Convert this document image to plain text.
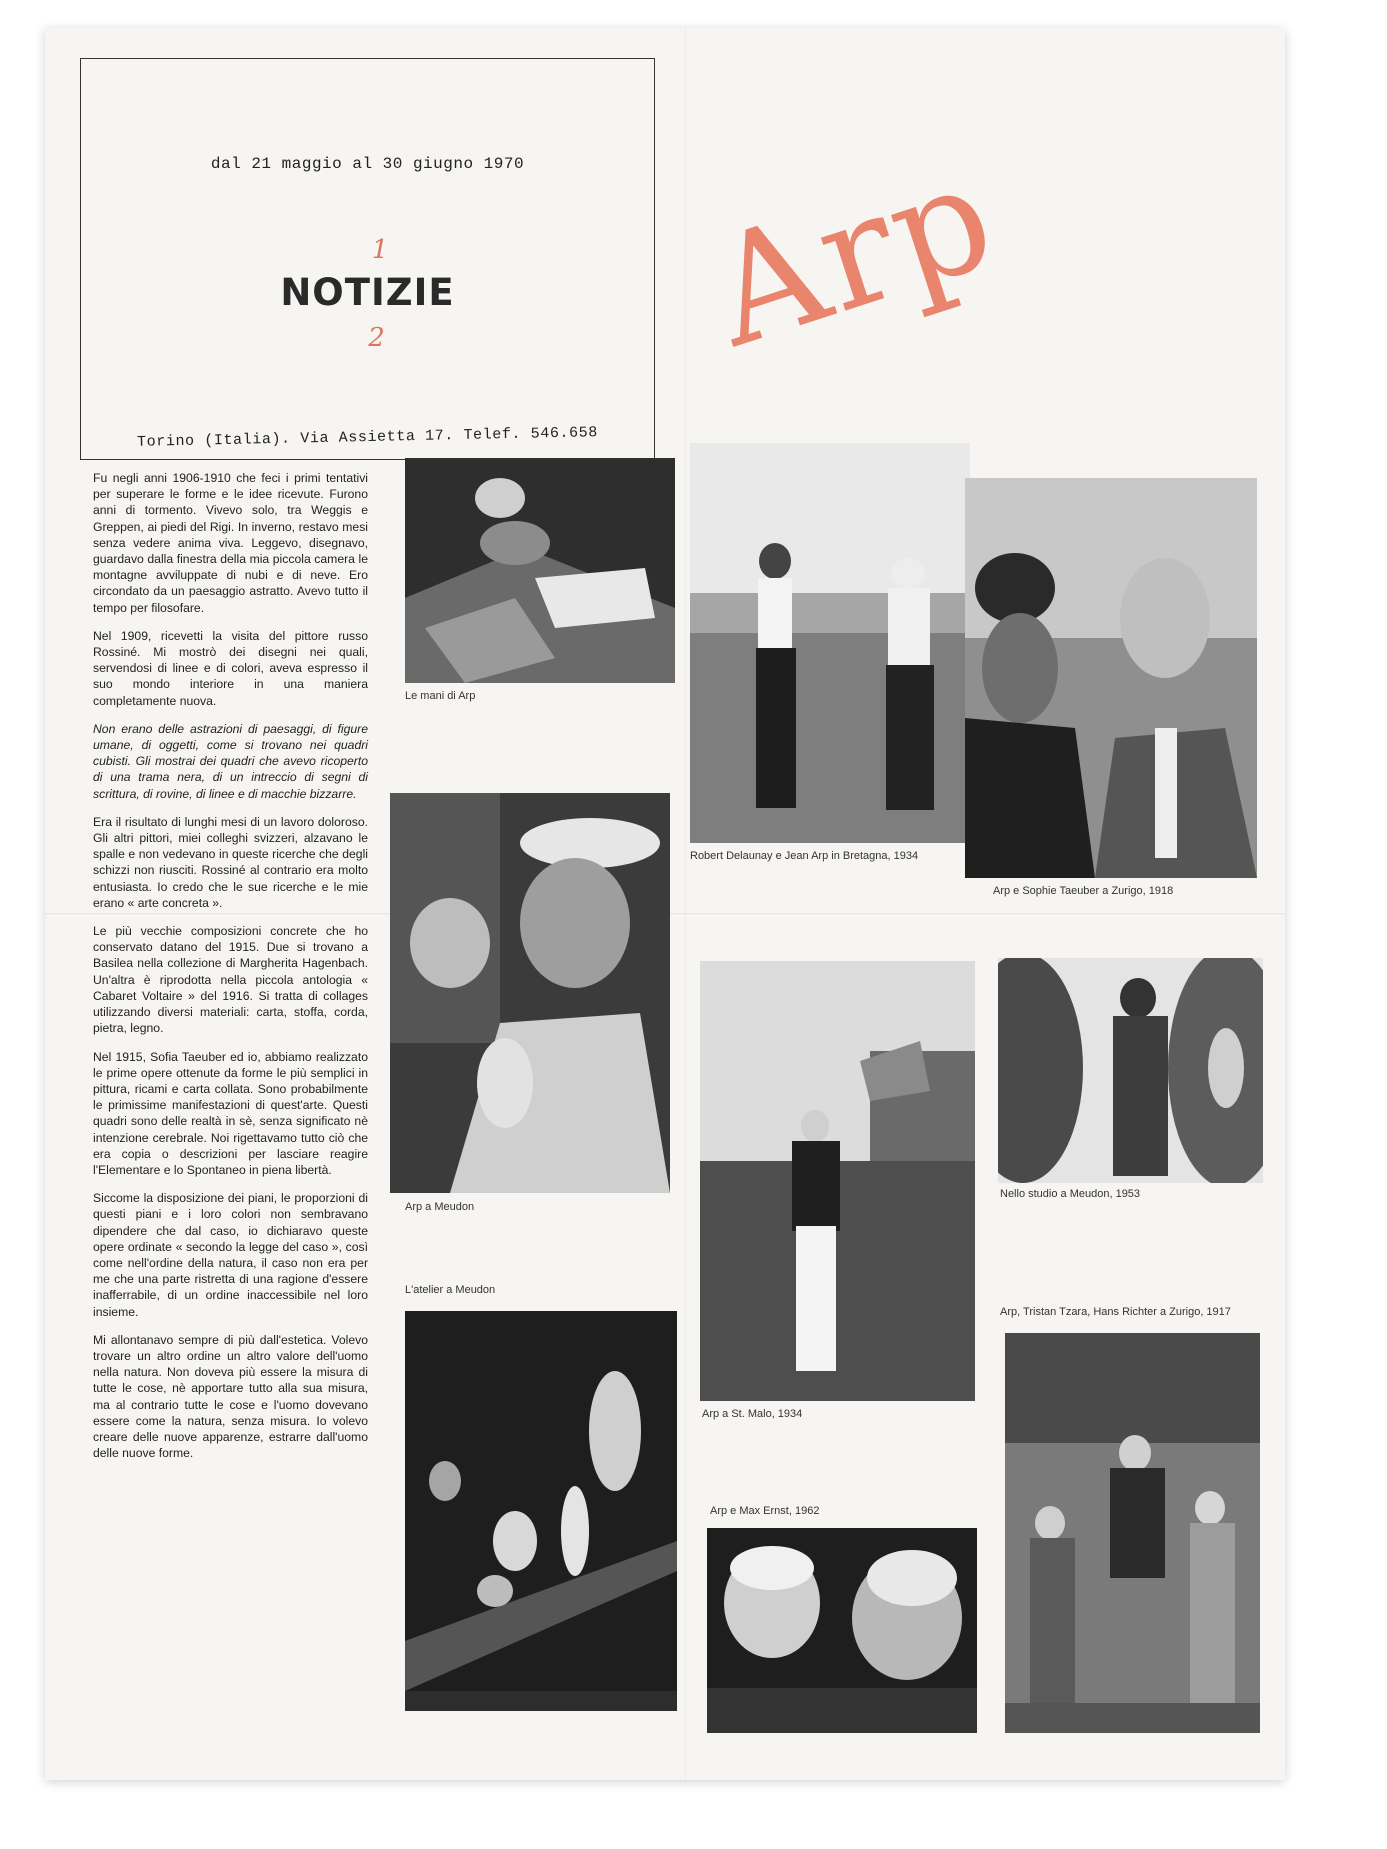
dal 21 maggio al 30 giugno 1970
1
NOTIZIE
2
Torino (Italia). Via Assietta 17. Telef. 546.658
Arp

Fu negli anni 1906-1910 che feci i primi tentativi per superare le forme e le idee ricevute. Furono anni di tormento. Vivevo solo, tra Weggis e Greppen, ai piedi del Rigi. In inverno, restavo mesi senza vedere anima viva. Leggevo, disegnavo, guardavo dalla finestra della mia piccola camera le montagne avviluppate di nubi e di neve. Ero circondato da un paesaggio astratto. Avevo tutto il tempo per filosofare.

Nel 1909, ricevetti la visita del pittore russo Rossiné. Mi mostrò dei disegni nei quali, servendosi di linee e di colori, aveva espresso il suo mondo interiore in una maniera completamente nuova.

Non erano delle astrazioni di paesaggi, di figure umane, di oggetti, come si trovano nei quadri cubisti. Gli mostrai dei quadri che avevo ricoperto di una trama nera, di un intreccio di segni di scrittura, di rovine, di linee e di macchie bizzarre.

Era il risultato di lunghi mesi di un lavoro doloroso. Gli altri pittori, miei colleghi svizzeri, alzavano le spalle e non vedevano in queste ricerche che degli schizzi non riusciti. Rossiné al contrario era molto entusiasta. Io credo che le sue ricerche e le mie erano « arte concreta ».

Le più vecchie composizioni concrete che ho conservato datano del 1915. Due si trovano a Basilea nella collezione di Margherita Hagenbach. Un'altra è riprodotta nella piccola antologia « Cabaret Voltaire » del 1916. Si tratta di collages utilizzando diversi materiali: carta, stoffa, corda, pietra, legno.

Nel 1915, Sofia Taeuber ed io, abbiamo realizzato le prime opere ottenute da forme le più semplici in pittura, ricami e carta collata. Sono probabilmente le primissime manifestazioni di quest'arte. Questi quadri sono delle realtà in sè, senza significato nè intenzione cerebrale. Noi rigettavamo tutto ciò che era copia o descrizioni per lasciare reagire l'Elementare e lo Spontaneo in piena libertà.

Siccome la disposizione dei piani, le proporzioni di questi piani e i loro colori non sembravano dipendere che dal caso, io dichiaravo queste opere ordinate « secondo la legge del caso », così come nell'ordine della natura, il caso non era per me che una parte ristretta di una ragione d'essere inafferrabile, di un ordine inaccessibile nel loro insieme.

Mi allontanavo sempre di più dall'estetica. Volevo trovare un altro ordine un altro valore dell'uomo nella natura. Non doveva più essere la misura di tutte le cose, nè apportare tutto alla sua misura, ma al contrario tutte le cose e l'uomo dovevano essere come la natura, senza misura. Io volevo creare delle nuove apparenze, estrarre dall'uomo delle nuove forme.

Le mani di Arp
Arp a Meudon
L'atelier a Meudon
Robert Delaunay e Jean Arp in Bretagna, 1934
Arp e Sophie Taeuber a Zurigo, 1918
Nello studio a Meudon, 1953
Arp a St. Malo, 1934
Arp e Max Ernst, 1962
Arp, Tristan Tzara, Hans Richter a Zurigo, 1917
